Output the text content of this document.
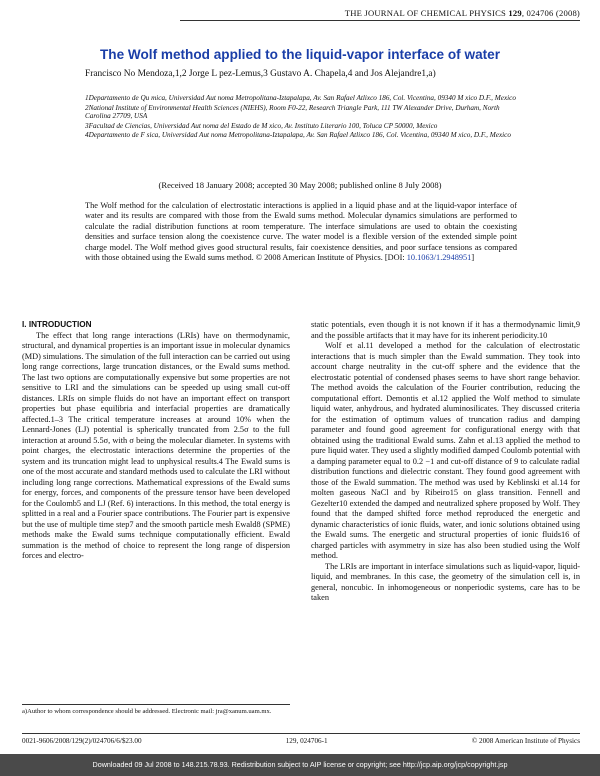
THE JOURNAL OF CHEMICAL PHYSICS 129, 024706 (2008)
The Wolf method applied to the liquid-vapor interface of water
Francisco No Mendoza,1,2 Jorge L pez-Lemus,3 Gustavo A. Chapela,4 and Jos Alejandre1,a)

1Departamento de Qu mica, Universidad Aut noma Metropolitana-Iztapalapa, Av. San Rafael Atlixco 186, Col. Vicentina, 09340 M xico D.F., Mexico

2National Institute of Environmental Health Sciences (NIEHS), Room F0-22, Research Triangle Park, 111 TW Alexander Drive, Durham, North Carolina 27709, USA

3Facultad de Ciencias, Universidad Aut noma del Estado de M xico, Av. Instituto Literario 100, Toluca CP 50000, Mexico

4Departamento de F sica, Universidad Aut noma Metropolitana-Iztapalapa, Av. San Rafael Atlixco 186, Col. Vicentina, 09340 M xico, D.F., Mexico

(Received 18 January 2008; accepted 30 May 2008; published online 8 July 2008)
The Wolf method for the calculation of electrostatic interactions is applied in a liquid phase and at the liquid-vapor interface of water and its results are compared with those from the Ewald sums method. Molecular dynamics simulations are performed to calculate the radial distribution functions at room temperature. The interface simulations are used to obtain the coexisting densities and surface tension along the coexistence curve. The water model is a flexible version of the extended simple point charge model. The Wolf method gives good structural results, fair coexistence densities, and poor surface tensions as compared with those obtained using the Ewald sums method. © 2008 American Institute of Physics. [DOI: 10.1063/1.2948951]

I. INTRODUCTION

The effect that long range interactions (LRIs) have on thermodynamic, structural, and dynamical properties is an important issue in molecular dynamics (MD) simulations. The simulation of the full interaction can be carried out using long range corrections, large truncation distances, or the Ewald sums method. The last two options are computationally expensive but some properties are not sensitive to LRI and the simulations can be speeded up using small cut-off distances. LRIs on simple fluids do not have an important effect on transport properties but phase equilibria and interfacial properties are dramatically affected.1–3 The critical temperature increases at around 10% when the Lennard-Jones (LJ) potential is spherically truncated from 2.5σ to the full interaction at around 5.5σ, with σ being the molecular diameter. In systems with point charges, the electrostatic interactions determine the properties of the system and its truncation might lead to unphysical results.4 The Ewald sums is one of the most accurate and standard methods used to calculate the LRI without including long range corrections. Mathematical expressions of the Ewald sums for energy, forces, and components of the pressure tensor have been developed for the Coulomb5 and LJ (Ref. 6) interactions. In this method, the total energy is splitted in a real and a Fourier space contributions. The Fourier part is expensive but the use of multiple time step7 and the smooth particle mesh Ewald8 (SPME) methods make the Ewald sums technique computationally efficient. Ewald summation is the method of choice to represent the long range of dispersion forces and electro-

static potentials, even though it is not known if it has a thermodynamic limit,9 and the possible artifacts that it may have for its inherent periodicity.10

Wolf et al.11 developed a method for the calculation of electrostatic interactions that is much simpler than the Ewald summation. They took into account charge neutrality in the cut-off sphere and the evidence that the electrostatic potential of condensed phases seems to have short range behavior. The method avoids the calculation of the Fourier contribution, reducing the computational effort. Demontis et al.12 applied the Wolf method to simulate liquid water, anhydrous, and hydrated aluminosilicates. They discussed criteria for the estimation of optimum values of truncation radius and damping parameter and found good agreement for configurational energy with that obtained using the traditional Ewald sums. Zahn et al.13 applied the method to pure liquid water. They used a slightly modified damped Coulomb potential with a damping parameter equal to 0.2 −1 and cut-off distance of 9 to calculate radial distribution functions and dielectric constant. They found good agreement with those of the Ewald summation. The method was used by Keblinski et al.14 for molten gaseous NaCl and by Ribeiro15 on glass transition. Fennell and Gezelter10 extended the damped and neutralized sphere proposed by Wolf. They found that the damped shifted force method reproduced the energetic and dynamic characteristics of ionic fluids, water, and ionic solutions obtained using the Ewald sums. The energetic and structural properties of ionic fluids16 of charged particles with asymmetry in size has also been studied using the Wolf method.

The LRIs are important in interface simulations such as liquid-vapor, liquid-liquid, and membranes. In this case, the geometry of the simulation cell is, in general, noncubic. In inhomogeneous or nonperiodic systems, care has to be taken

a)Author to whom correspondence should be addressed. Electronic mail: jra@xanum.uam.mx.
0021-9606/2008/129(2)/024706/6/$23.00	129, 024706-1	© 2008 American Institute of Physics
Downloaded 09 Jul 2008 to 148.215.78.93. Redistribution subject to AIP license or copyright; see http://jcp.aip.org/jcp/copyright.jsp
